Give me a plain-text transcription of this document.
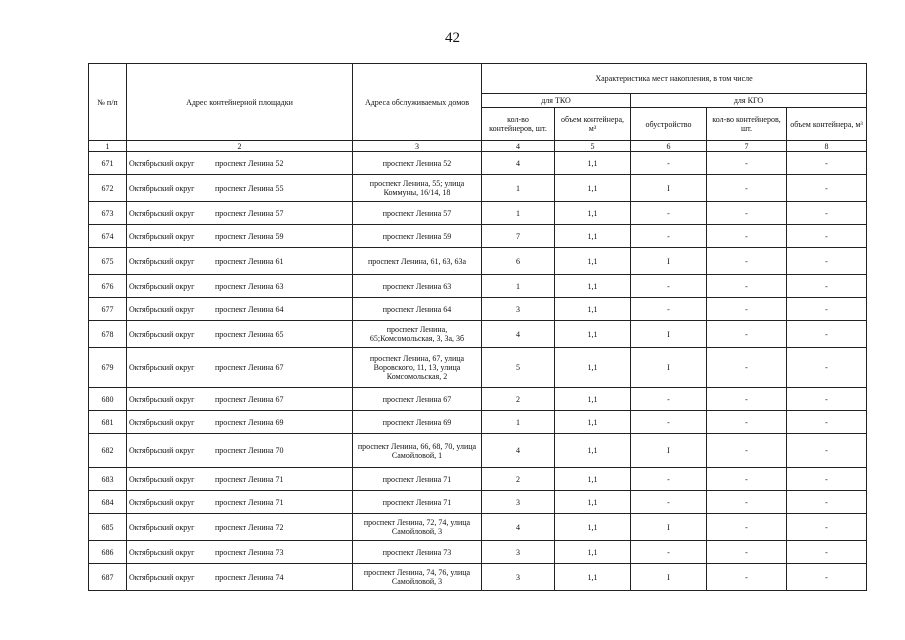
42
№ п/п	Адрес контейнерной площадки	Адреса обслуживаемых домов	Характеристика мест накопления, в том числе				
			для ТКО		для КГО		
			кол-во контейнеров, шт.	объем контейнера, м³	обустройство	кол-во контейнеров, шт.	объем контейнера, м³
1	2	3	4	5	6	7	8
671	Октябрьский округ проспект Ленина 52	проспект Ленина 52	4	1,1	-	-	-
672	Октябрьский округ проспект Ленина 55	проспект Ленина, 55; улица Коммуны, 16/14, 18	1	1,1	I	-	-
673	Октябрьский округ проспект Ленина 57	проспект Ленина 57	1	1,1	-	-	-
674	Октябрьский округ проспект Ленина 59	проспект Ленина 59	7	1,1	-	-	-
675	Октябрьский округ проспект Ленина 61	проспект Ленина, 61, 63, 63а	6	1,1	I	-	-
676	Октябрьский округ проспект Ленина 63	проспект Ленина 63	1	1,1	-	-	-
677	Октябрьский округ проспект Ленина 64	проспект Ленина 64	3	1,1	-	-	-
678	Октябрьский округ проспект Ленина 65	проспект Ленина, 65;Комсомольская, 3, 3а, 3б	4	1,1	I	-	-
679	Октябрьский округ проспект Ленина 67	проспект Ленина, 67, улица Воровского, 11, 13, улица Комсомольская, 2	5	1,1	I	-	-
680	Октябрьский округ проспект Ленина 67	проспект Ленина 67	2	1,1	-	-	-
681	Октябрьский округ проспект Ленина 69	проспект Ленина 69	1	1,1	-	-	-
682	Октябрьский округ проспект Ленина 70	проспект Ленина, 66, 68, 70, улица Самойловой, 1	4	1,1	I	-	-
683	Октябрьский округ проспект Ленина 71	проспект Ленина 71	2	1,1	-	-	-
684	Октябрьский округ проспект Ленина 71	проспект Ленина 71	3	1,1	-	-	-
685	Октябрьский округ проспект Ленина 72	проспект Ленина, 72, 74, улица Самойловой, 3	4	1,1	I	-	-
686	Октябрьский округ проспект Ленина 73	проспект Ленина 73	3	1,1	-	-	-
687	Октябрьский округ проспект Ленина 74	проспект Ленина, 74, 76, улица Самойловой, 3	3	1,1	I	-	-
